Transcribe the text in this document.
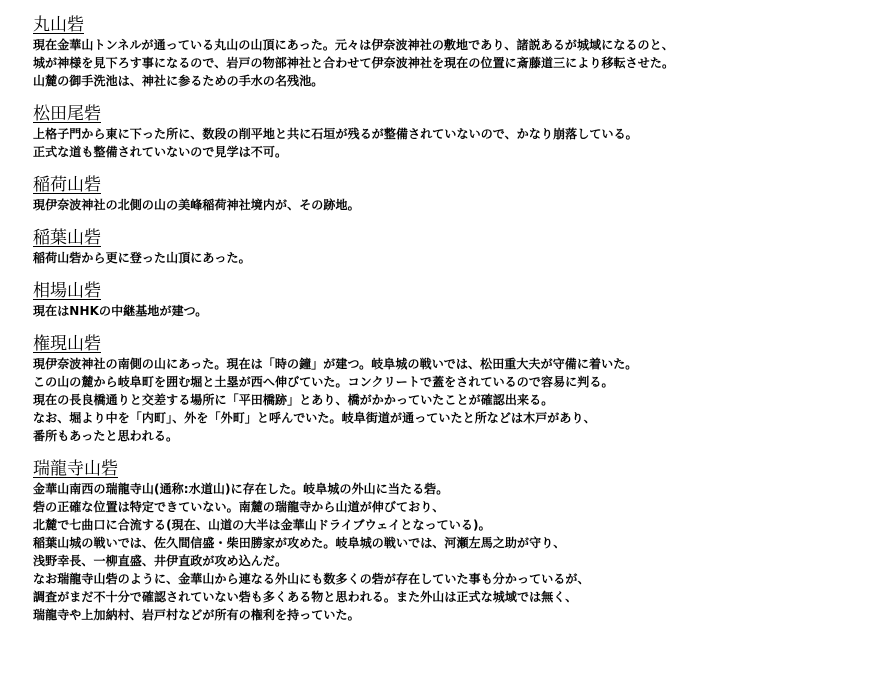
丸山砦
現在金華山トンネルが通っている丸山の山頂にあった。元々は伊奈波神社の敷地であり、諸説あるが城域になるのと、
城が神様を見下ろす事になるので、岩戸の物部神社と合わせて伊奈波神社を現在の位置に斎藤道三により移転させた。
山麓の御手洗池は、神社に参るための手水の名残池。
松田尾砦
上格子門から東に下った所に、数段の削平地と共に石垣が残るが整備されていないので、かなり崩落している。
正式な道も整備されていないので見学は不可。
稲荷山砦
現伊奈波神社の北側の山の美峰稲荷神社境内が、その跡地。
稲葉山砦
稲荷山砦から更に登った山頂にあった。
相場山砦
現在はNHKの中継基地が建つ。
権現山砦
現伊奈波神社の南側の山にあった。現在は「時の鐘」が建つ。岐阜城の戦いでは、松田重大夫が守備に着いた。
この山の麓から岐阜町を囲む堀と土塁が西へ伸びていた。コンクリートで蓋をされているので容易に判る。
現在の長良橋通りと交差する場所に「平田橋跡」とあり、橋がかかっていたことが確認出来る。
なお、堀より中を「内町」、外を「外町」と呼んでいた。岐阜街道が通っていたと所などは木戸があり、
番所もあったと思われる。
瑞龍寺山砦
金華山南西の瑞龍寺山(通称:水道山)に存在した。岐阜城の外山に当たる砦。
砦の正確な位置は特定できていない。南麓の瑞龍寺から山道が伸びており、
北麓で七曲口に合流する(現在、山道の大半は金華山ドライブウェイとなっている)。
稲葉山城の戦いでは、佐久間信盛・柴田勝家が攻めた。岐阜城の戦いでは、河瀬左馬之助が守り、
浅野幸長、一柳直盛、井伊直政が攻め込んだ。
なお瑞龍寺山砦のように、金華山から連なる外山にも数多くの砦が存在していた事も分かっているが、
調査がまだ不十分で確認されていない砦も多くある物と思われる。また外山は正式な城域では無く、
瑞龍寺や上加納村、岩戸村などが所有の権利を持っていた。
